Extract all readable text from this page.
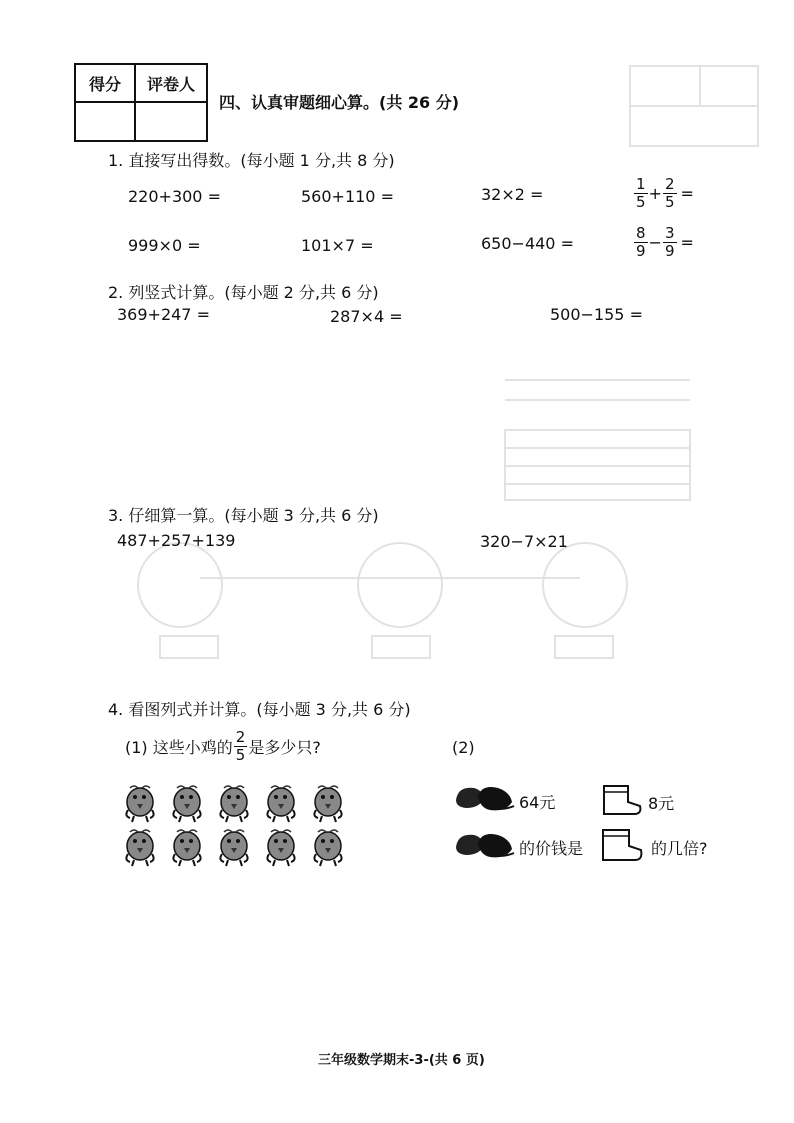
得分	评卷人

四、认真审题细心算。(共 26 分)
1. 直接写出得数。(每小题 1 分,共 8 分)
220+300 =	560+110 =	32×2 =	$\frac{1}{5} + \frac{2}{5}$ =
999×0 =	101×7 =	650−440 =	$\frac{8}{9} - \frac{3}{9}$ =
2. 列竖式计算。(每小题 2 分,共 6 分)
369+247 =	287×4 =	500−155 =
3. 仔细算一算。(每小题 3 分,共 6 分)
487+257+139	320−7×21
4. 看图列式并计算。(每小题 3 分,共 6 分)
(1) 这些小鸡的 $\frac{2}{5}$ 是多少只?	(2)
64元	8元
的价钱是	的几倍?
三年级数学期末-3-(共 6 页)
